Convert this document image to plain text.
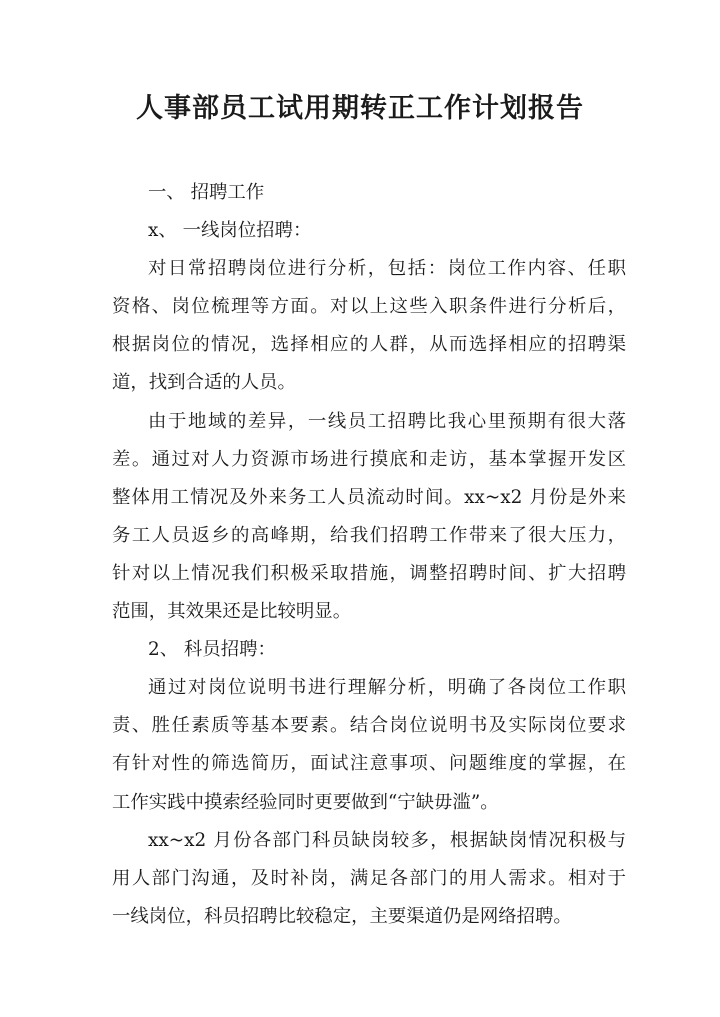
人事部员工试用期转正工作计划报告
一、 招聘工作
x、 一线岗位招聘：
对日常招聘岗位进行分析，包括：岗位工作内容、任职
资格、岗位梳理等方面。对以上这些入职条件进行分析后，
根据岗位的情况，选择相应的人群，从而选择相应的招聘渠
道，找到合适的人员。
由于地域的差异，一线员工招聘比我心里预期有很大落
差。通过对人力资源市场进行摸底和走访，基本掌握开发区
整体用工情况及外来务工人员流动时间。xx~x2 月份是外来
务工人员返乡的高峰期，给我们招聘工作带来了很大压力，
针对以上情况我们积极采取措施，调整招聘时间、扩大招聘
范围，其效果还是比较明显。
2、 科员招聘：
通过对岗位说明书进行理解分析，明确了各岗位工作职
责、胜任素质等基本要素。结合岗位说明书及实际岗位要求
有针对性的筛选简历，面试注意事项、问题维度的掌握，在
工作实践中摸索经验同时更要做到“宁缺毋滥”。
xx~x2 月份各部门科员缺岗较多，根据缺岗情况积极与
用人部门沟通，及时补岗，满足各部门的用人需求。相对于
一线岗位，科员招聘比较稳定，主要渠道仍是网络招聘。
